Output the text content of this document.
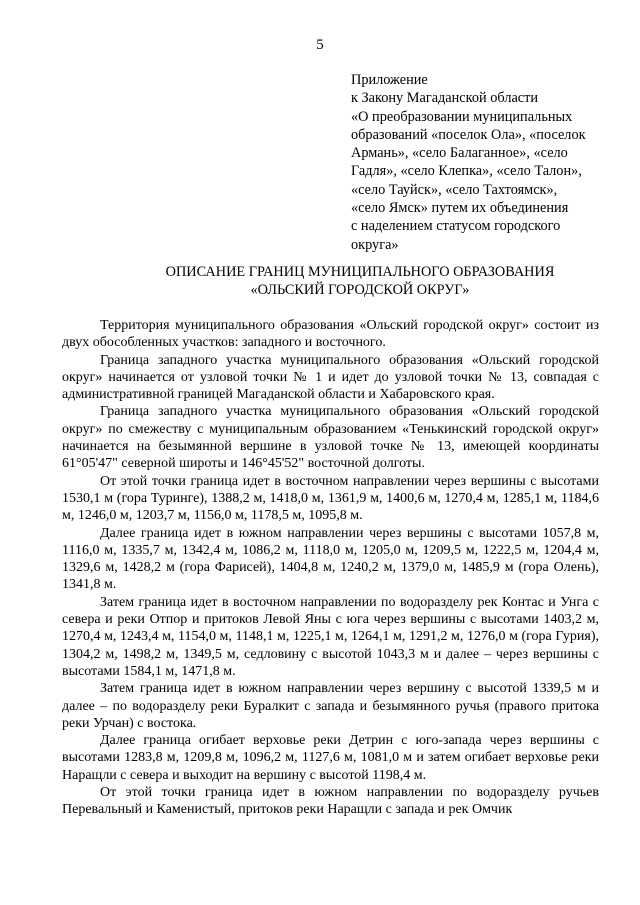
5
Приложение
к Закону Магаданской области
«О преобразовании муниципальных
образований «поселок Ола», «поселок
Армань», «село Балаганное», «село
Гадля», «село Клепка», «село Талон»,
«село Тауйск», «село Тахтоямск»,
«село Ямск» путем их объединения
с наделением статусом городского
округа»
ОПИСАНИЕ ГРАНИЦ МУНИЦИПАЛЬНОГО ОБРАЗОВАНИЯ
«ОЛЬСКИЙ ГОРОДСКОЙ ОКРУГ»

Территория муниципального образования «Ольский городской округ» состоит из двух обособленных участков: западного и восточного.

Граница западного участка муниципального образования «Ольский городской округ» начинается от узловой точки № 1 и идет до узловой точки № 13, совпадая с административной границей Магаданской области и Хабаровского края.

Граница западного участка муниципального образования «Ольский городской округ» по смежеству с муниципальным образованием «Тенькинский городской округ» начинается на безымянной вершине в узловой точке № 13, имеющей координаты 61°05'47" северной широты и 146°45'52" восточной долготы.

От этой точки граница идет в восточном направлении через вершины с высотами 1530,1 м (гора Туринге), 1388,2 м, 1418,0 м, 1361,9 м, 1400,6 м, 1270,4 м, 1285,1 м, 1184,6 м, 1246,0 м, 1203,7 м, 1156,0 м, 1178,5 м, 1095,8 м.

Далее граница идет в южном направлении через вершины с высотами 1057,8 м, 1116,0 м, 1335,7 м, 1342,4 м, 1086,2 м, 1118,0 м, 1205,0 м, 1209,5 м, 1222,5 м, 1204,4 м, 1329,6 м, 1428,2 м (гора Фарисей), 1404,8 м, 1240,2 м, 1379,0 м, 1485,9 м (гора Олень), 1341,8 м.

Затем граница идет в восточном направлении по водоразделу рек Контас и Унга с севера и реки Отпор и притоков Левой Яны с юга через вершины с высотами 1403,2 м, 1270,4 м, 1243,4 м, 1154,0 м, 1148,1 м, 1225,1 м, 1264,1 м, 1291,2 м, 1276,0 м (гора Гурия), 1304,2 м, 1498,2 м, 1349,5 м, седловину с высотой 1043,3 м и далее – через вершины с высотами 1584,1 м, 1471,8 м.

Затем граница идет в южном направлении через вершину с высотой 1339,5 м и далее – по водоразделу реки Буралкит с запада и безымянного ручья (правого притока реки Урчан) с востока.

Далее граница огибает верховье реки Детрин с юго-запада через вершины с высотами 1283,8 м, 1209,8 м, 1096,2 м, 1127,6 м, 1081,0 м и затем огибает верховье реки Наращли с севера и выходит на вершину с высотой 1198,4 м.

От этой точки граница идет в южном направлении по водоразделу ручьев Перевальный и Каменистый, притоков реки Наращли с запада и рек Омчик
